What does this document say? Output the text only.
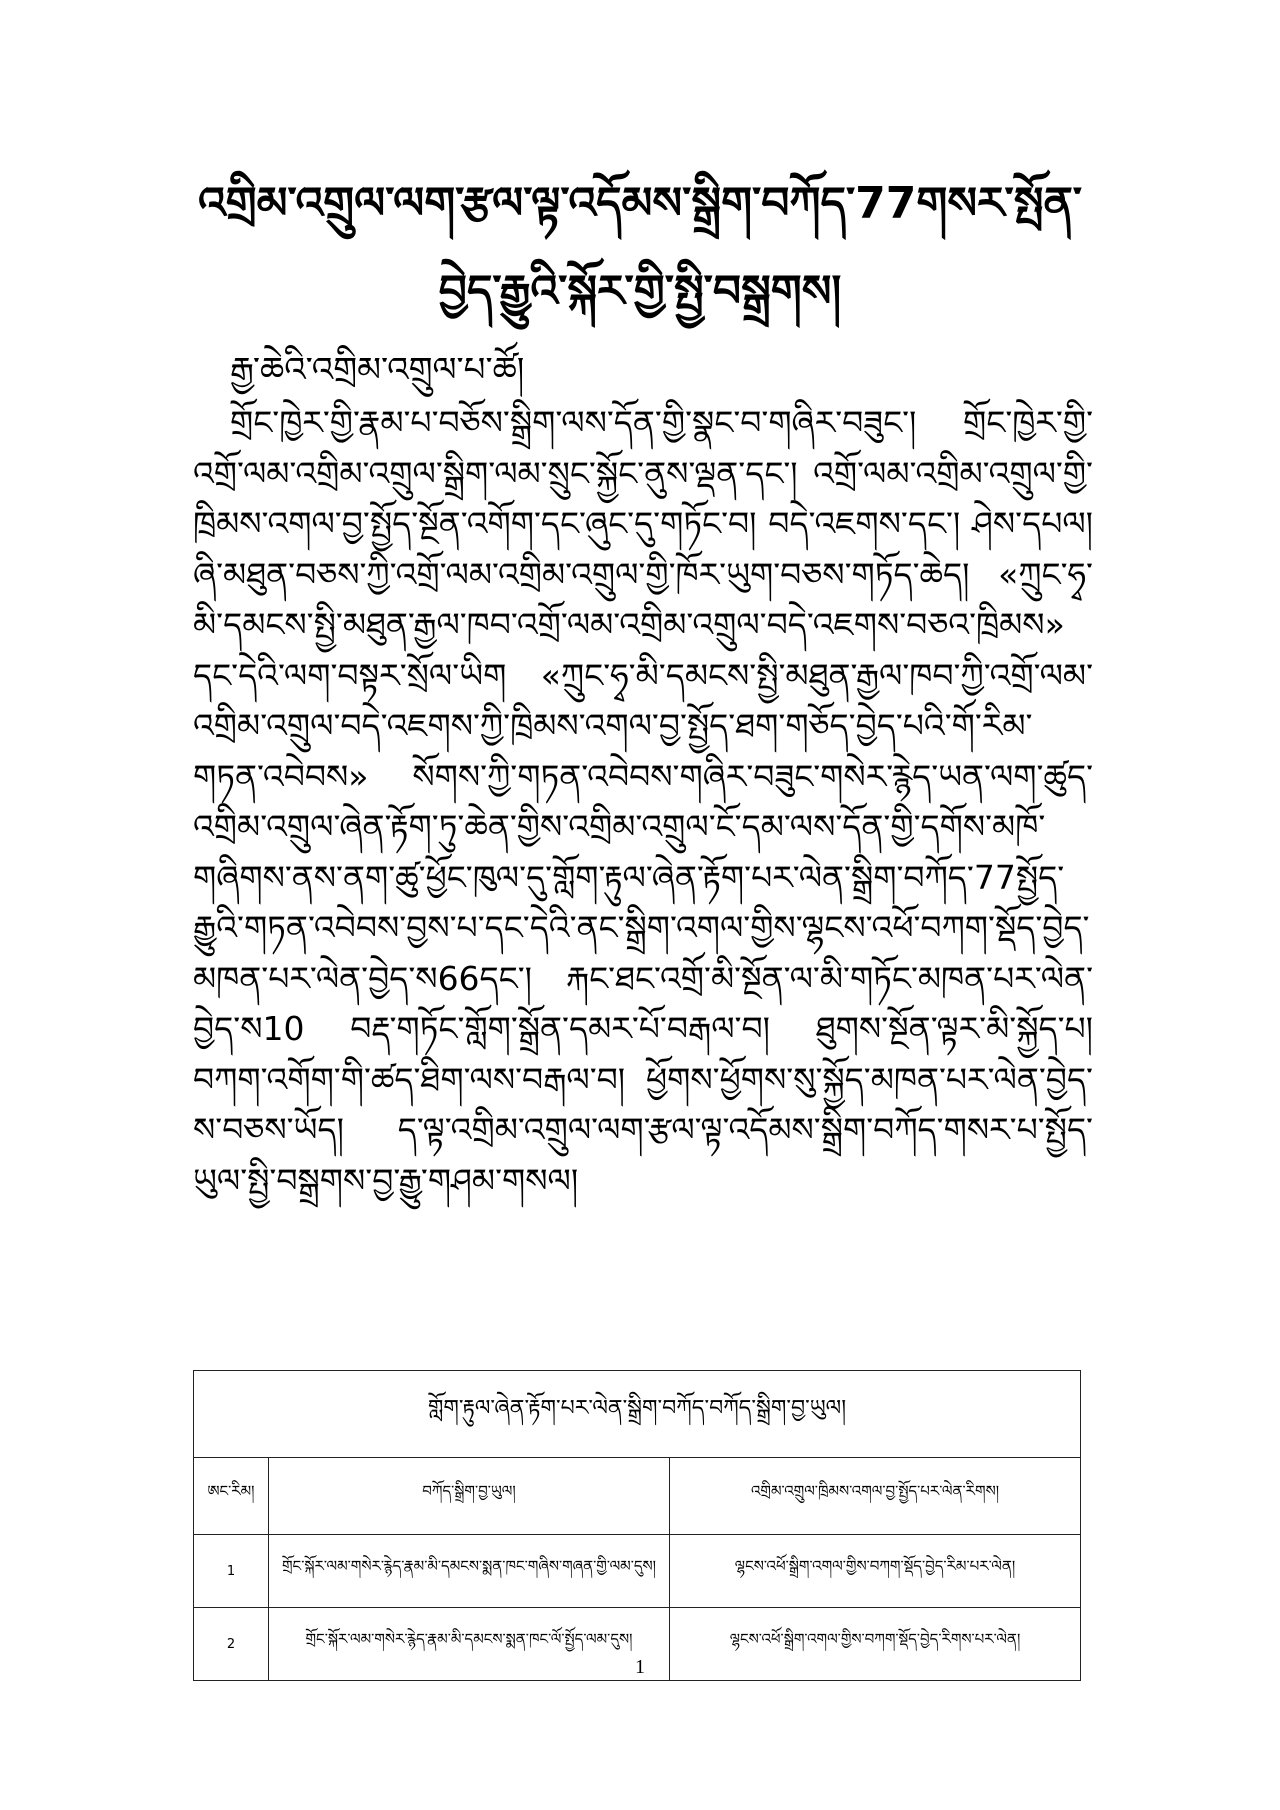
འགྲིམ་འགྲུལ་ལག་རྩལ་ལྟ་འདོམས་སྒྲིག་བཀོད་77གསར་སྤོན་བྱེད་རྒྱུའི་སྐོར་གྱི་སྤྱི་བསྒྲགས།
རྒྱ་ཆེའི་འགྲིམ་འགྲུལ་པ་ཚོ།
གྲོང་ཁྱེར་གྱི་རྣམ་པ་བཅོས་སྒྲིག་ལས་དོན་གྱི་སྣང་བ་གཞིར་བཟུང་། གྲོང་ཁྱེར་གྱི་འགྲོ་ལམ་འགྲིམ་འགྲུལ་སྒྲིག་ལམ་སྲུང་སྐྱོང་ནུས་ལྡན་དང་། འགྲོ་ལམ་འགྲིམ་འགྲུལ་གྱི་ཁྲིམས་འགལ་བྱ་སྤྱོད་སྔོན་འགོག་དང་ཞུང་དུ་གཏོང་བ། བདེ་འཇགས་དང་། ཤེས་དཔལ། ཞི་མཐུན་བཅས་ཀྱི་འགྲོ་ལམ་འགྲིམ་འགྲུལ་གྱི་ཁོར་ཡུག་བཅས་གཏོད་ཆེད། «ཀྲུང་ཧྭ་མི་དམངས་སྤྱི་མཐུན་རྒྱལ་ཁབ་འགྲོ་ལམ་འགྲིམ་འགྲུལ་བདེ་འཇགས་བཅའ་ཁྲིམས» དང་དེའི་ལག་བསྟར་སྲོལ་ཡིག «ཀྲུང་ཧྭ་མི་དམངས་སྤྱི་མཐུན་རྒྱལ་ཁབ་ཀྱི་འགྲོ་ལམ་འགྲིམ་འགྲུལ་བདེ་འཇགས་ཀྱི་ཁྲིམས་འགལ་བྱ་སྤྱོད་ཐག་གཅོད་བྱེད་པའི་གོ་རིམ་གཏན་འབེབས» སོགས་ཀྱི་གཏན་འབེབས་གཞིར་བཟུང་གསེར་རྙེད་ཡན་ལག་ཚུད་འགྲིམ་འགྲུལ་ཞེན་རྟོག་ཏུ་ཆེན་གྱིས་འགྲིམ་འགྲུལ་ངོ་དམ་ལས་དོན་གྱི་དགོས་མཁོ་གཞིགས་ནས་ནག་ཚུ་ཕྱོང་ཁུལ་དུ་གློག་རྟུལ་ཞེན་རྟོག་པར་ལེན་སྒྲིག་བཀོད་77སྤྱོད་རྒྱུའི་གཏན་འབེབས་བྱས་པ་དང་དེའི་ནང་སྒྲིག་འགལ་གྱིས་ལྷངས་འཕོ་བཀག་སྡོད་བྱེད་མཁན་པར་ལེན་བྱེད་ས66དང་། རྐང་ཐང་འགྲོ་མི་སྔོན་ལ་མི་གཏོང་མཁན་པར་ལེན་བྱེད་ས10 བརྡ་གཏོང་གློག་སྒྲོན་དམར་པོ་བརྒལ་བ། ཐུགས་སྔོན་ལྟར་མི་སྐྱོད་པ། བཀག་འགོག་གི་ཚད་ཐིག་ལས་བརྒལ་བ། ཕྱོགས་ཕྱོགས་སུ་སྐྱོད་མཁན་པར་ལེན་བྱེད་ས་བཅས་ཡོད། ད་ལྟ་འགྲིམ་འགྲུལ་ལག་རྩལ་ལྟ་འདོམས་སྒྲིག་བཀོད་གསར་པ་སྤྱོད་ཡུལ་སྤྱི་བསྒྲགས་བྱ་རྒྱུ་གཤམ་གསལ།
གློག་རྟུལ་ཞེན་རྟོག་པར་ལེན་སྒྲིག་བཀོད་བཀོད་སྒྲིག་བྱ་ཡུལ།		
ཨང་རིམ།	བཀོད་སྒྲིག་བྱ་ཡུལ།	འགྲིམ་འགྲུལ་ཁྲིམས་འགལ་བྱ་སྤྱོད་པར་ལེན་རིགས།
1	གྲོང་སྐོར་ལམ་གསེར་རྙེད་རྣམ་མི་དམངས་སྨན་ཁང་གཞིས་གཞན་གྱི་ལམ་དུས།	ལྷངས་འཕོ་སྒྲིག་འགལ་གྱིས་བཀག་སྡོད་བྱེད་རིམ་པར་ལེན།
2	གྲོང་སྐོར་ལམ་གསེར་རྙེད་རྣམ་མི་དམངས་སྨན་ཁང་ལོ་སྤྱོད་ལམ་དུས།	ལྷངས་འཕོ་སྒྲིག་འགལ་གྱིས་བཀག་སྡོད་བྱེད་རིགས་པར་ལེན།
1
